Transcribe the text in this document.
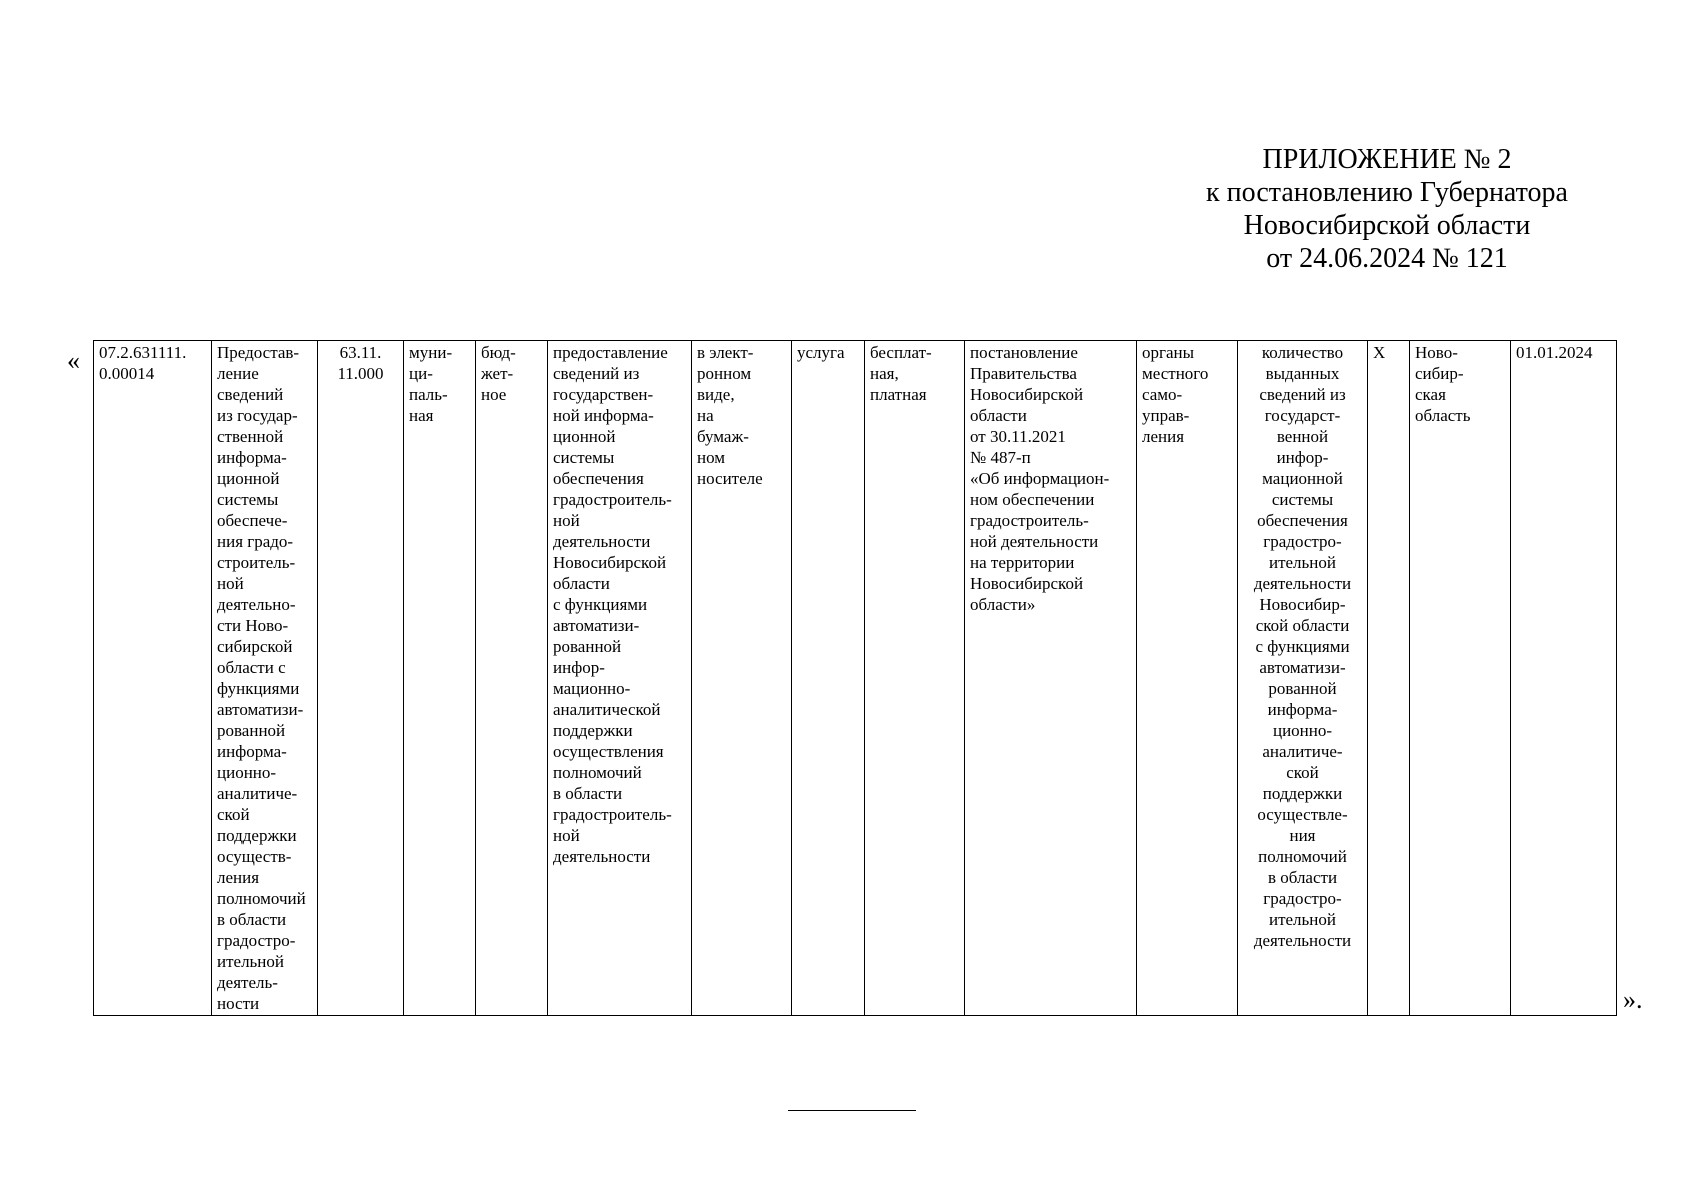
ПРИЛОЖЕНИЕ № 2
к постановлению Губернатора
Новосибирской области
от 24.06.2024 № 121
« 07.2.631111.
0.00014	Предостав-
ление
сведений
из государ-
ственной
информа-
ционной
системы
обеспече-
ния градо-
строитель-
ной
деятельно-
сти Ново-
сибирской
области с
функциями
автоматизи-
рованной
информа-
ционно-
аналитиче-
ской
поддержки
осуществ-
ления
полномочий
в области
градостро-
ительной
деятель-
ности	63.11.
11.000	муни-
ци-
паль-
ная	бюд-
жет-
ное	предоставление
сведений из
государствен-
ной информа-
ционной
системы
обеспечения
градостроитель-
ной
деятельности
Новосибирской
области
с функциями
автоматизи-
рованной
инфор-
мационно-
аналитической
поддержки
осуществления
полномочий
в области
градостроитель-
ной
деятельности	в элект-
ронном
виде,
на
бумаж-
ном
носителе	услуга	бесплат-
ная,
платная	постановление
Правительства
Новосибирской
области
от 30.11.2021
№ 487-п
«Об информацион-
ном обеспечении
градостроитель-
ной деятельности
на территории
Новосибирской
области»	органы
местного
само-
управ-
ления	количество
выданных
сведений из
государст-
венной
инфор-
мационной
системы
обеспечения
градостро-
ительной
деятельности
Новосибир-
ской области
с функциями
автоматизи-
рованной
информа-
ционно-
аналитиче-
ской
поддержки
осуществле-
ния
полномочий
в области
градостро-
ительной
деятельности	Х	Ново-
сибир-
ская
область	01.01.2024
».
